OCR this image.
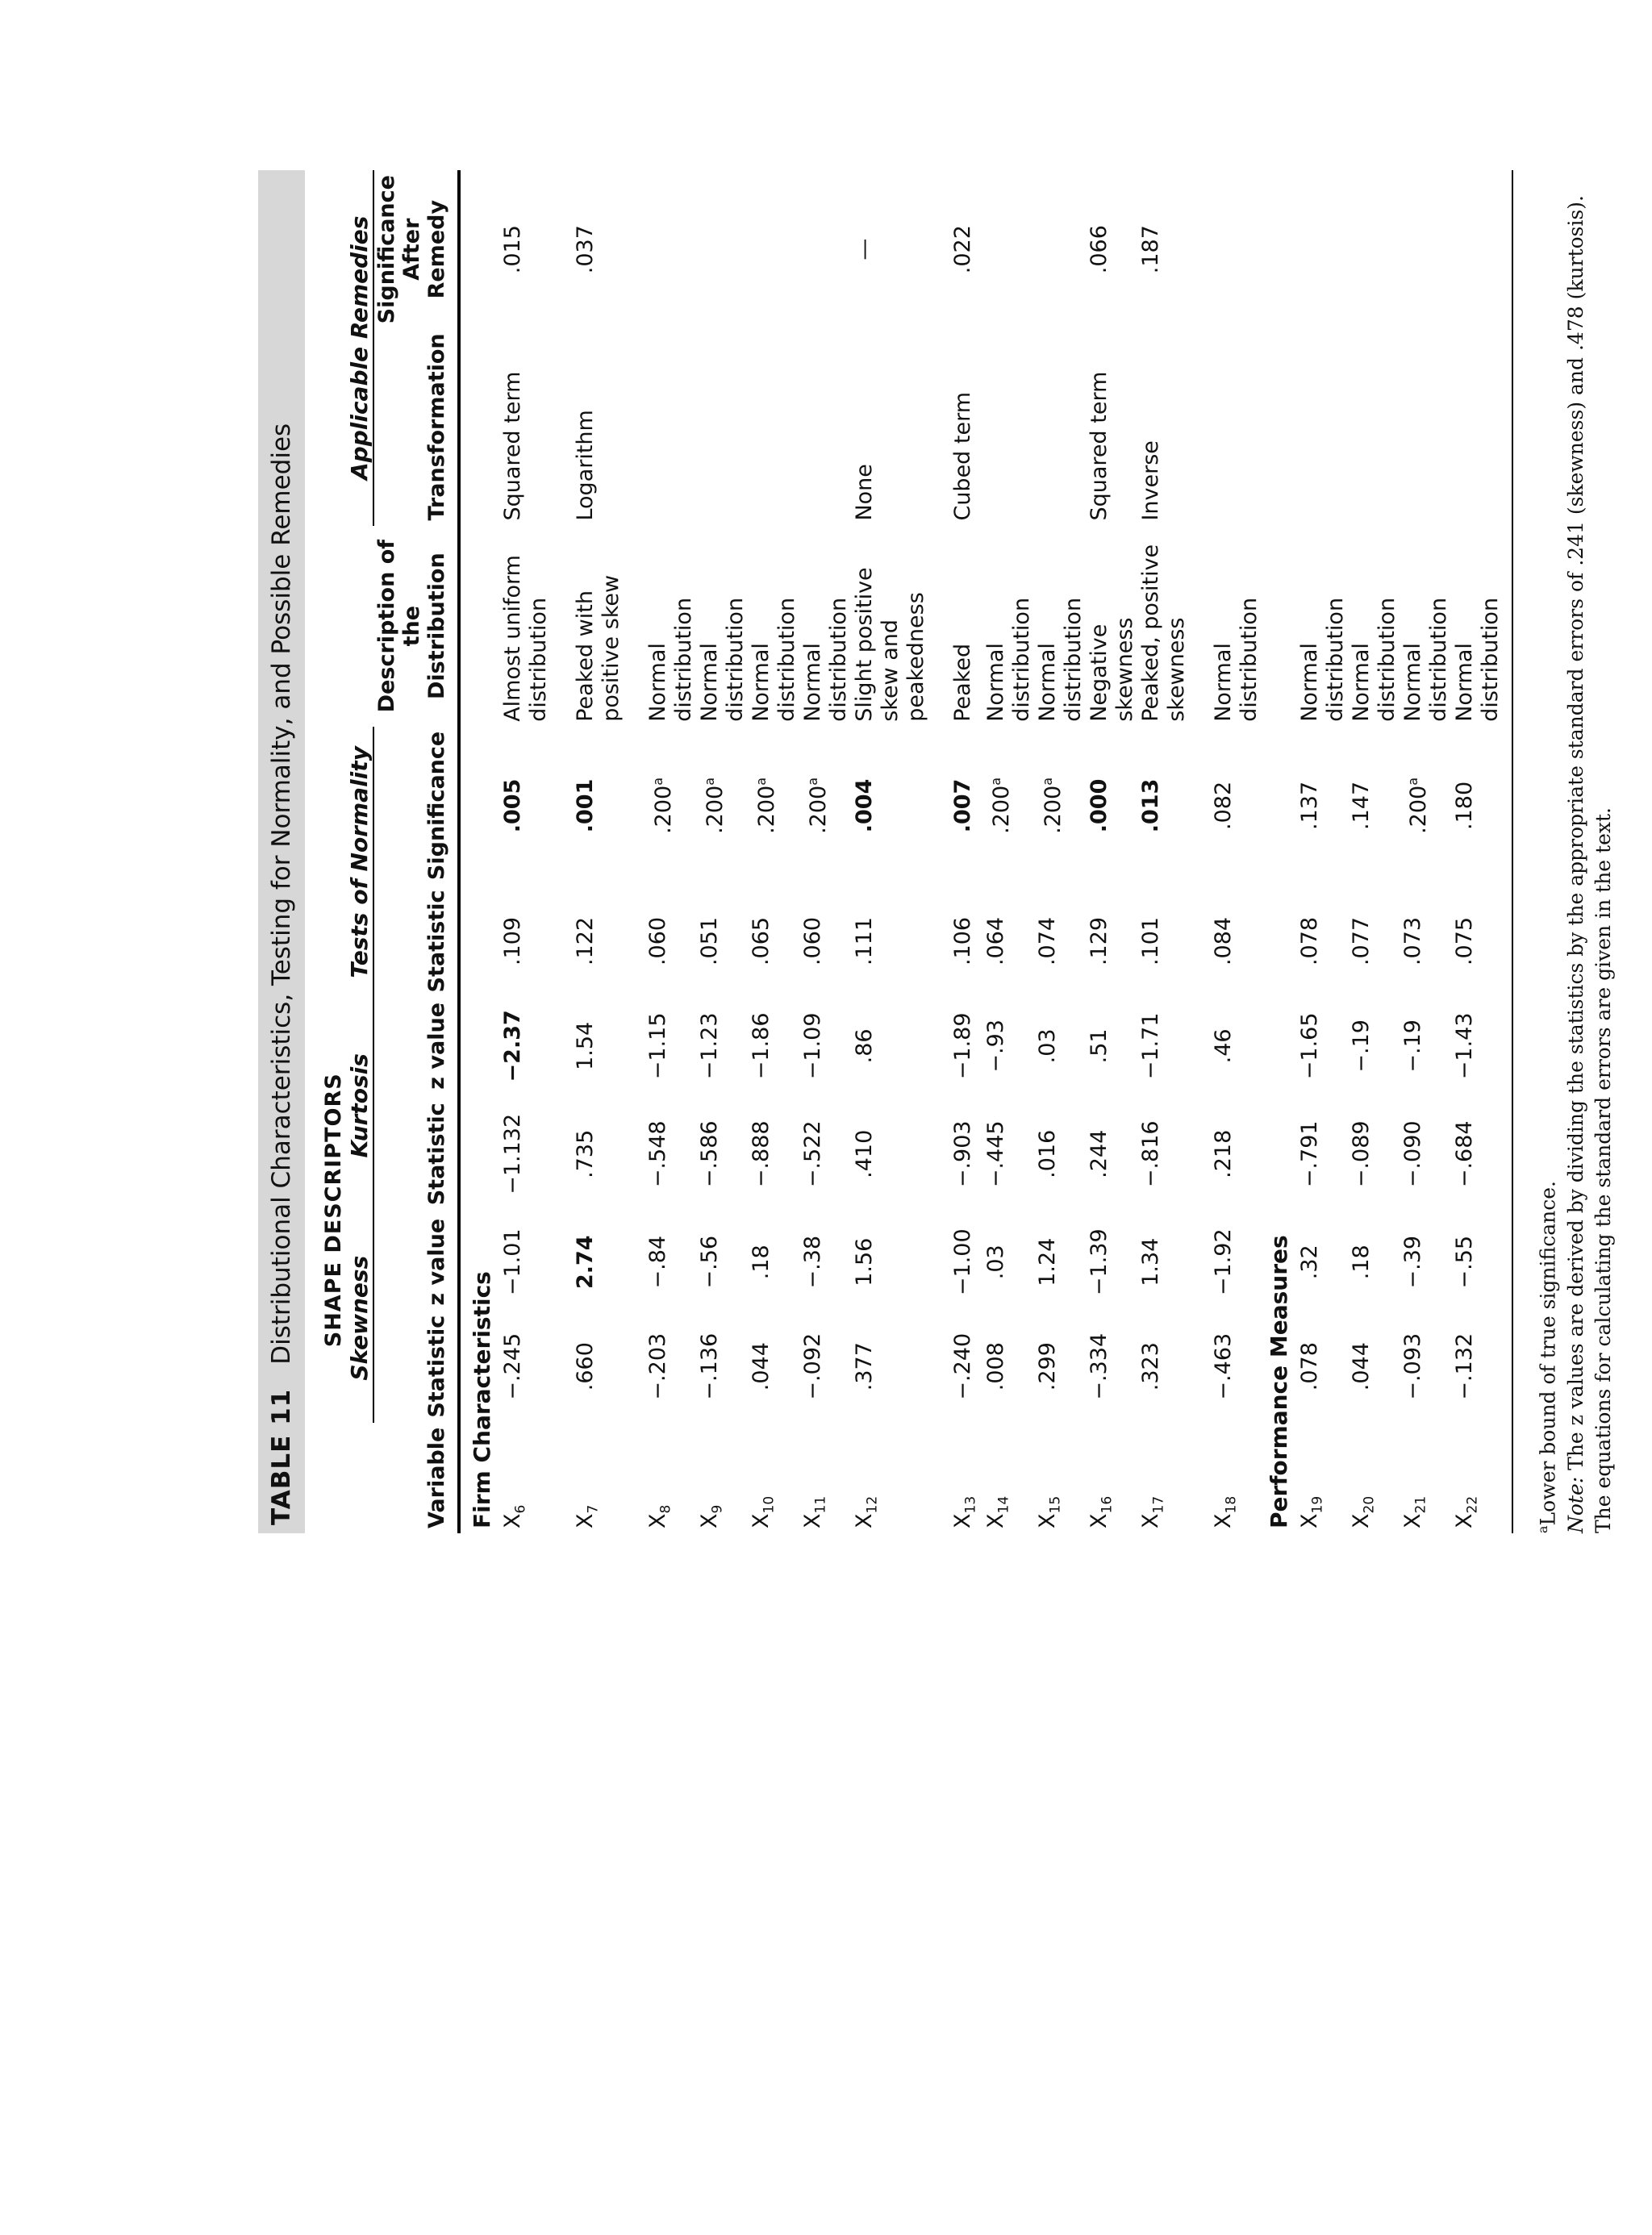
TABLE 11
Distributional Characteristics, Testing for Normality, and Possible Remedies
	SHAPE DESCRIPTORS								
	Skewness		Kurtosis		Tests of Normality			Applicable Remedies	
Variable	Statistic	z value	Statistic	z value	Statistic	Significance	Description of the Distribution	Transformation	Significance After Remedy
Firm Characteristics									
$X_6$	−.245	−1.01	−1.132	−2.37	.109	.005	Almost uniform distribution	Squared term	.015

$X_7$	.660	2.74	.735	1.54	.122	.001	Peaked with positive skew	Logarithm	.037

$X_8$	−.203	−.84	−.548	−1.15	.060	.200$^a$	Normal distribution		
$X_9$	−.136	−.56	−.586	−1.23	.051	.200$^a$	Normal distribution		
$X_{10}$	.044	.18	−.888	−1.86	.065	.200$^a$	Normal distribution		
$X_{11}$	−.092	−.38	−.522	−1.09	.060	.200$^a$	Normal distribution		
$X_{12}$	.377	1.56	.410	.86	.111	.004	Slight positive skew and peakedness	None	—

$X_{13}$	−.240	−1.00	−.903	−1.89	.106	.007	Peaked	Cubed term	.022
$X_{14}$	.008	.03	−.445	−.93	.064	.200$^a$	Normal distribution		
$X_{15}$	.299	1.24	.016	.03	.074	.200$^a$	Normal distribution		
$X_{16}$	−.334	−1.39	.244	.51	.129	.000	Negative skewness	Squared term	.066
$X_{17}$	.323	1.34	−.816	−1.71	.101	.013	Peaked, positive skewness	Inverse	.187

$X_{18}$	−.463	−1.92	.218	.46	.084	.082	Normal distribution		
Performance Measures									
$X_{19}$	.078	.32	−.791	−1.65	.078	.137	Normal distribution		
$X_{20}$	.044	.18	−.089	−.19	.077	.147	Normal distribution		
$X_{21}$	−.093	−.39	−.090	−.19	.073	.200$^a$	Normal distribution		
$X_{22}$	−.132	−.55	−.684	−1.43	.075	.180	Normal distribution		

$^a$Lower bound of true significance. Note: The z values are derived by dividing the statistics by the appropriate standard errors of .241 (skewness) and .478 (kurtosis). The equations for calculating the standard errors are given in the text.
